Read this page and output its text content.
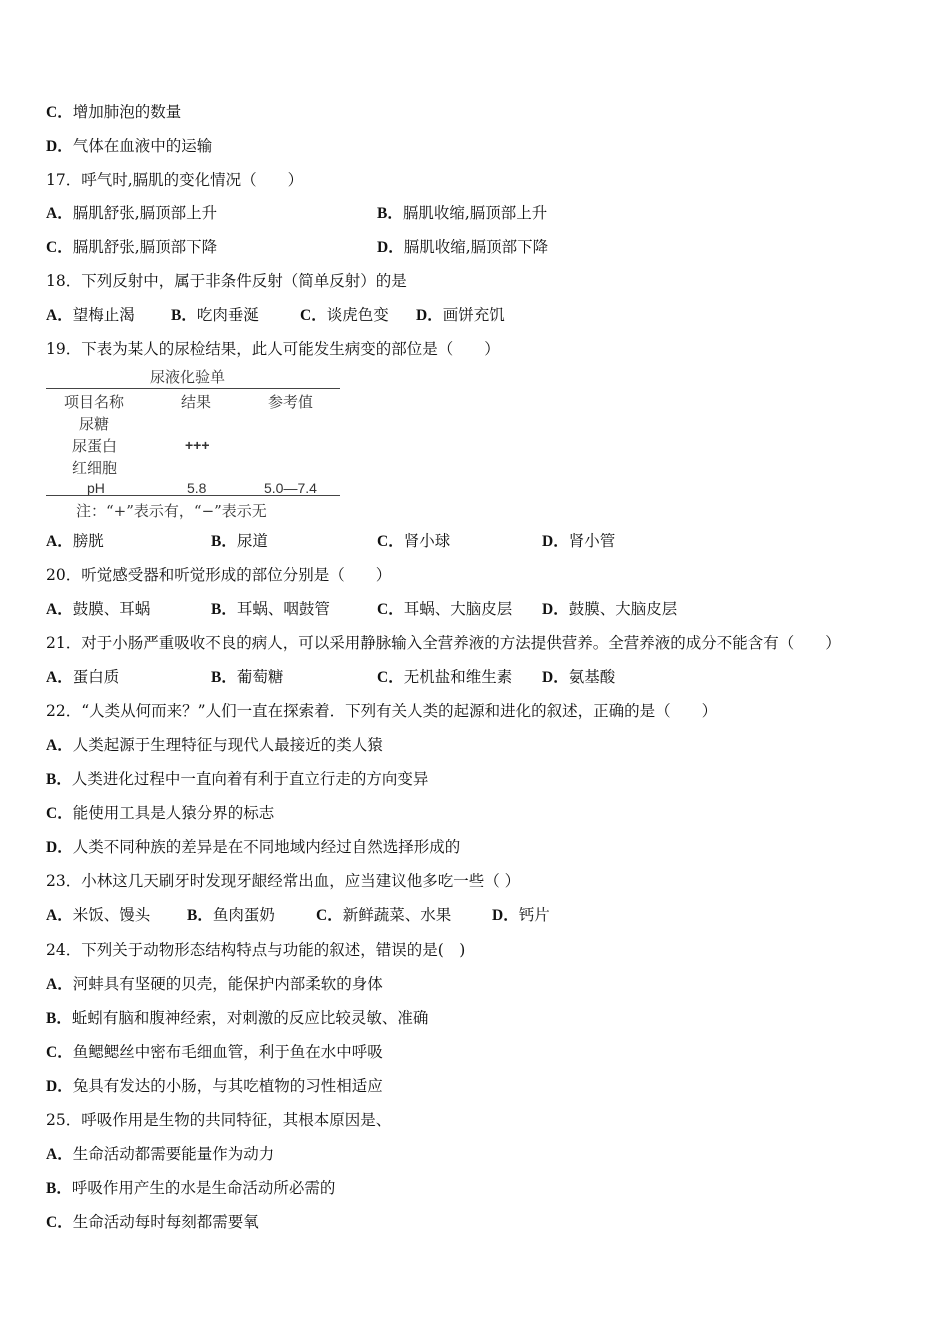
C．增加肺泡的数量
D．气体在血液中的运输
17．呼气时,膈肌的变化情况（　　）
A．膈肌舒张,膈顶部上升	B．膈肌收缩,膈顶部上升
C．膈肌舒张,膈顶部下降	D．膈肌收缩,膈顶部下降
18．下列反射中，属于非条件反射（简单反射）的是
A．望梅止渴 B．吃肉垂涎	C．谈虎色变 D．画饼充饥
19．下表为某人的尿检结果，此人可能发生病变的部位是（　　）
尿液化验单
项目名称	结果	参考值
尿糖
尿蛋白	+++
红细胞
pH	5.8	5.0—7.4
注：“+”表示有，“−”表示无
A．膀胱	B．尿道	C．肾小球	D．肾小管
20．听觉感受器和听觉形成的部位分别是（　　）
A．鼓膜、耳蜗	B．耳蜗、咽鼓管	C．耳蜗、大脑皮层 D．鼓膜、大脑皮层
21．对于小肠严重吸收不良的病人，可以采用静脉输入全营养液的方法提供营养。全营养液的成分不能含有（　　）
A．蛋白质	B．葡萄糖	C．无机盐和维生素 D．氨基酸
22．“人类从何而来？”人们一直在探索着．下列有关人类的起源和进化的叙述，正确的是（　　）
A．人类起源于生理特征与现代人最接近的类人猿
B．人类进化过程中一直向着有利于直立行走的方向变异
C．能使用工具是人猿分界的标志
D．人类不同种族的差异是在不同地域内经过自然选择形成的
23．小林这几天刷牙时发现牙龈经常出血，应当建议他多吃一些（ ）
A．米饭、馒头 B．鱼肉蛋奶	C．新鲜蔬菜、水果	D．钙片
24．下列关于动物形态结构特点与功能的叙述，错误的是(　)
A．河蚌具有坚硬的贝壳，能保护内部柔软的身体
B．蚯蚓有脑和腹神经索，对刺激的反应比较灵敏、准确
C．鱼鳃鳃丝中密布毛细血管，利于鱼在水中呼吸
D．兔具有发达的小肠，与其吃植物的习性相适应
25．呼吸作用是生物的共同特征，其根本原因是、
A．生命活动都需要能量作为动力
B．呼吸作用产生的水是生命活动所必需的
C．生命活动每时每刻都需要氧
